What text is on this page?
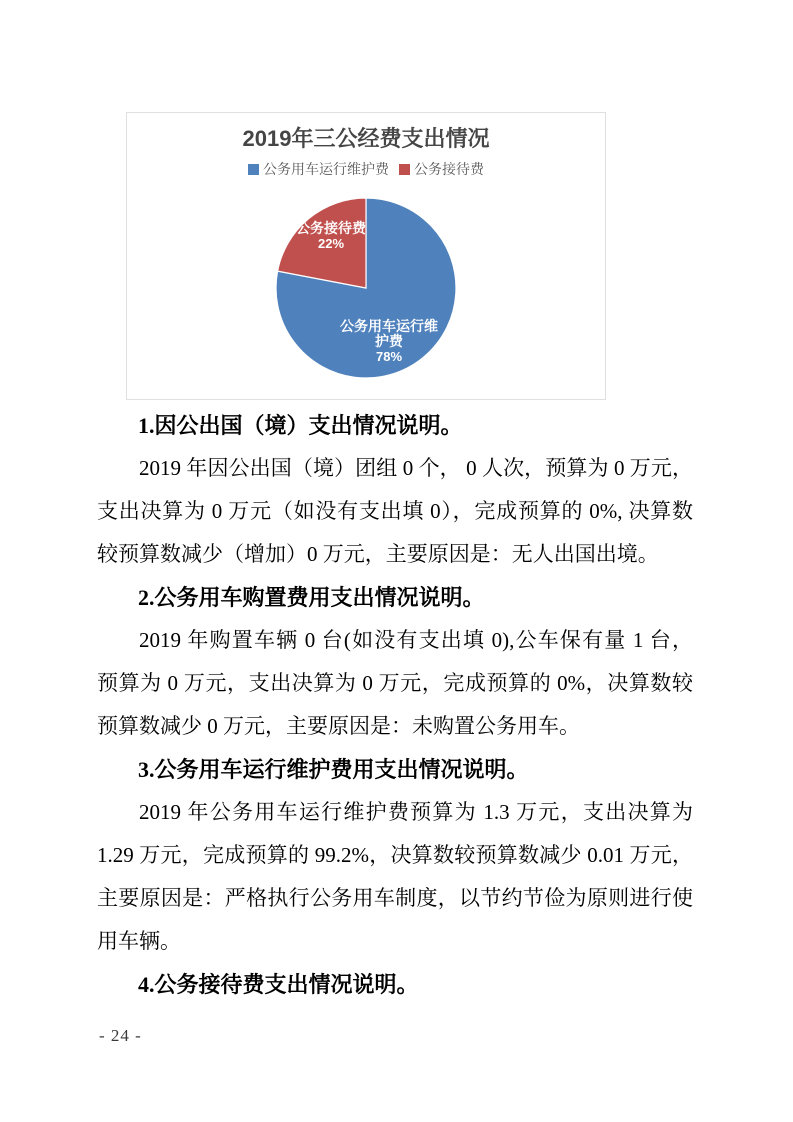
2019年三公经费支出情况
公务用车运行维护费 公务接待费
公务用车运行维
护费
78%
公务接待费
22%
1.因公出国（境）支出情况说明。
2019 年因公出国（境）团组 0 个， 0 人次，预算为 0 万元，
支出决算为 0 万元（如没有支出填 0），完成预算的 0%, 决算数
较预算数减少（增加）0 万元，主要原因是：无人出国出境。
2.公务用车购置费用支出情况说明。
2019 年购置车辆 0 台(如没有支出填 0),公车保有量 1 台，
预算为 0 万元，支出决算为 0 万元，完成预算的 0%，决算数较
预算数减少 0 万元，主要原因是：未购置公务用车。
3.公务用车运行维护费用支出情况说明。
2019 年公务用车运行维护费预算为 1.3 万元，支出决算为
1.29 万元，完成预算的 99.2%，决算数较预算数减少 0.01 万元，
主要原因是：严格执行公务用车制度，以节约节俭为原则进行使
用车辆。
4.公务接待费支出情况说明。
- 24 -
